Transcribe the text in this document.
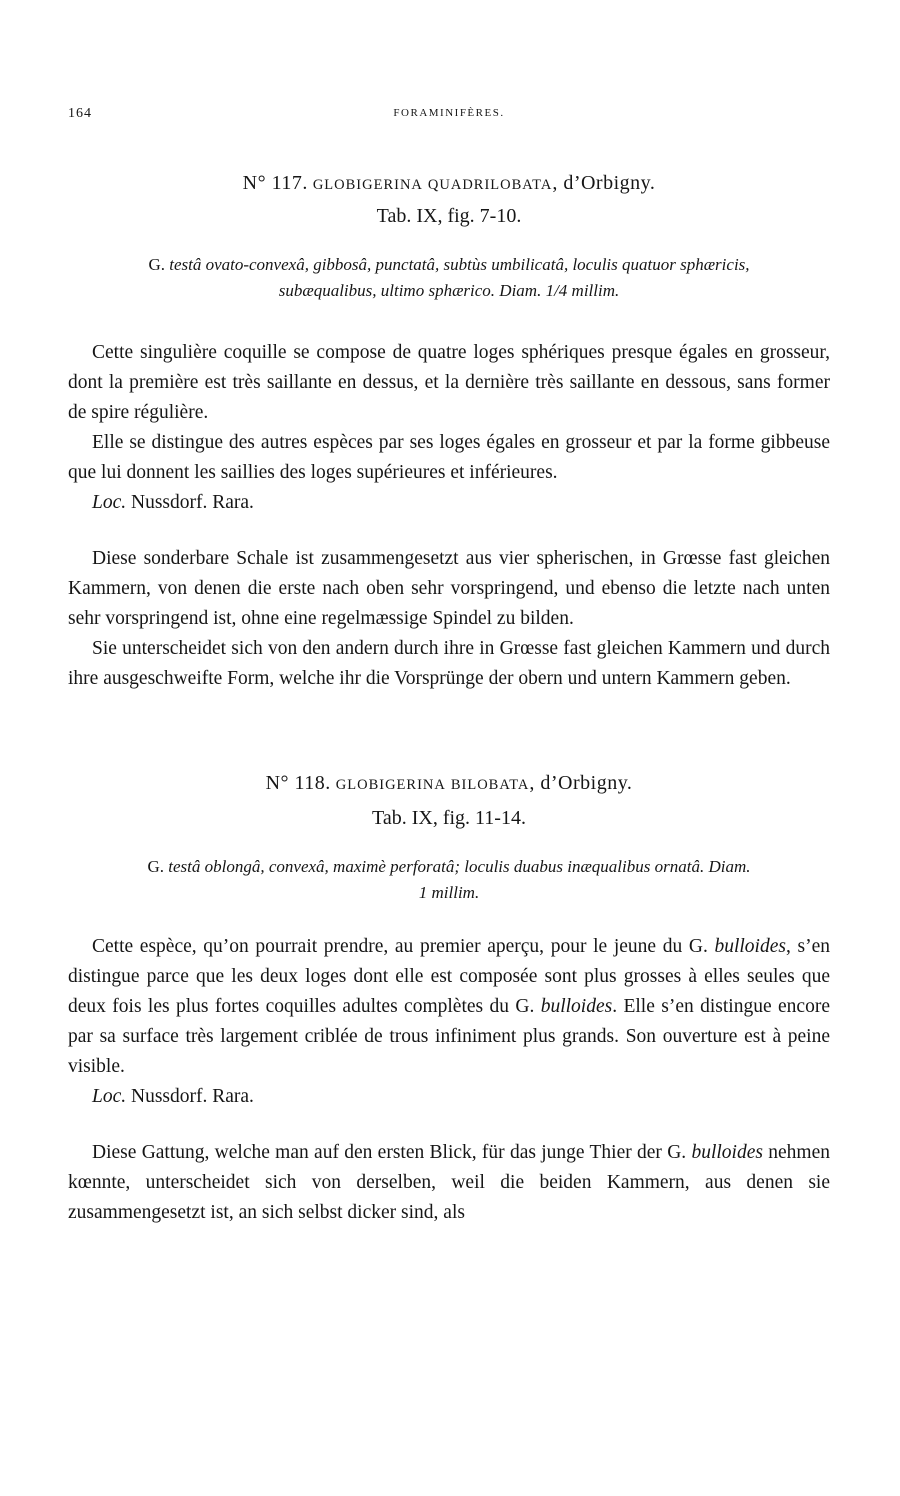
164	FORAMINIFÈRES.

N° 117. GLOBIGERINA QUADRILOBATA, d’Orbigny.

Tab. IX, fig. 7-10.

G. testâ ovato-convexâ, gibbosâ, punctatâ, subtùs umbilicatâ, loculis quatuor sphæricis,
subæqualibus, ultimo sphærico. Diam. 1/4 millim.

Cette singulière coquille se compose de quatre loges sphériques presque égales en grosseur, dont la première est très saillante en dessus, et la dernière très saillante en dessous, sans former de spire régulière.

Elle se distingue des autres espèces par ses loges égales en grosseur et par la forme gibbeuse que lui donnent les saillies des loges supérieures et inférieures.

Loc. Nussdorf. Rara.

Diese sonderbare Schale ist zusammengesetzt aus vier spherischen, in Grœsse fast gleichen Kammern, von denen die erste nach oben sehr vorspringend, und ebenso die letzte nach unten sehr vorspringend ist, ohne eine regelmæssige Spindel zu bilden.

Sie unterscheidet sich von den andern durch ihre in Grœsse fast gleichen Kammern und durch ihre ausgeschweifte Form, welche ihr die Vorsprünge der obern und untern Kammern geben.

N° 118. GLOBIGERINA BILOBATA, d’Orbigny.

Tab. IX, fig. 11-14.

G. testâ oblongâ, convexâ, maximè perforatâ; loculis duabus inæqualibus ornatâ. Diam.
1 millim.

Cette espèce, qu’on pourrait prendre, au premier aperçu, pour le jeune du G. bulloides, s’en distingue parce que les deux loges dont elle est composée sont plus grosses à elles seules que deux fois les plus fortes coquilles adultes complètes du G. bulloides. Elle s’en distingue encore par sa surface très largement criblée de trous infiniment plus grands. Son ouverture est à peine visible.

Loc. Nussdorf. Rara.

Diese Gattung, welche man auf den ersten Blick, für das junge Thier der G. bulloides nehmen kœnnte, unterscheidet sich von derselben, weil die beiden Kammern, aus denen sie zusammengesetzt ist, an sich selbst dicker sind, als
